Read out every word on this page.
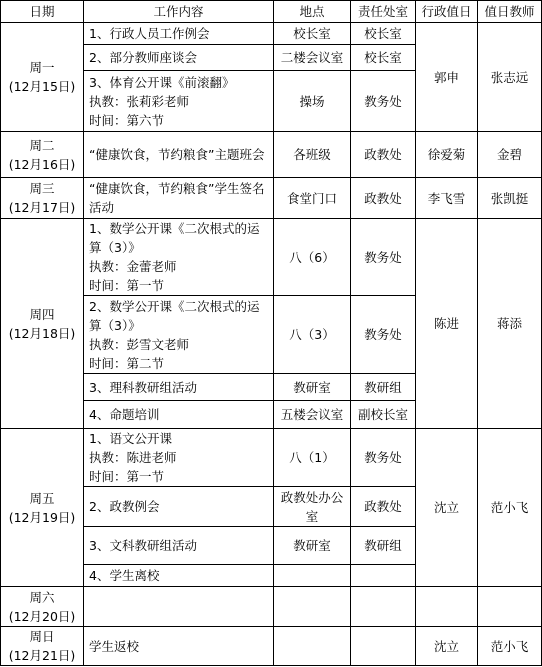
日期	工作内容	地点	责任处室	行政值日	值日教师

周一
(12月15日)	1、行政人员工作例会	校长室	校长室	郭申	张志远

	2、部分教师座谈会	二楼会议室	校长室		

	3、体育公开课《前滚翻》
执教：张莉彩老师
时间：第六节	操场	教务处		

周二
(12月16日)	“健康饮食，节约粮食”主题班会	各班级	政教处	徐爱菊	金碧

周三
(12月17日)	“健康饮食，节约粮食”学生签名活动	食堂门口	政教处	李飞雪	张凯挺

周四
(12月18日)	1、数学公开课《二次根式的运算（3）》
执教：金蕾老师
时间：第一节	八（6）	教务处	陈进	蒋添

	2、数学公开课《二次根式的运算（3）》
执教：彭雪文老师
时间：第二节	八（3）	教务处		

	3、理科教研组活动	教研室	教研组		

	4、命题培训	五楼会议室	副校长室		

周五
(12月19日)	1、语文公开课
执教：陈进老师
时间：第一节	八（1）	教务处	沈立	范小飞

	2、政教例会	政教处办公室	政教处		

	3、文科教研组活动	教研室	教研组		

	4、学生离校				

周六
(12月20日)					

周日
(12月21日)	学生返校			沈立	范小飞
